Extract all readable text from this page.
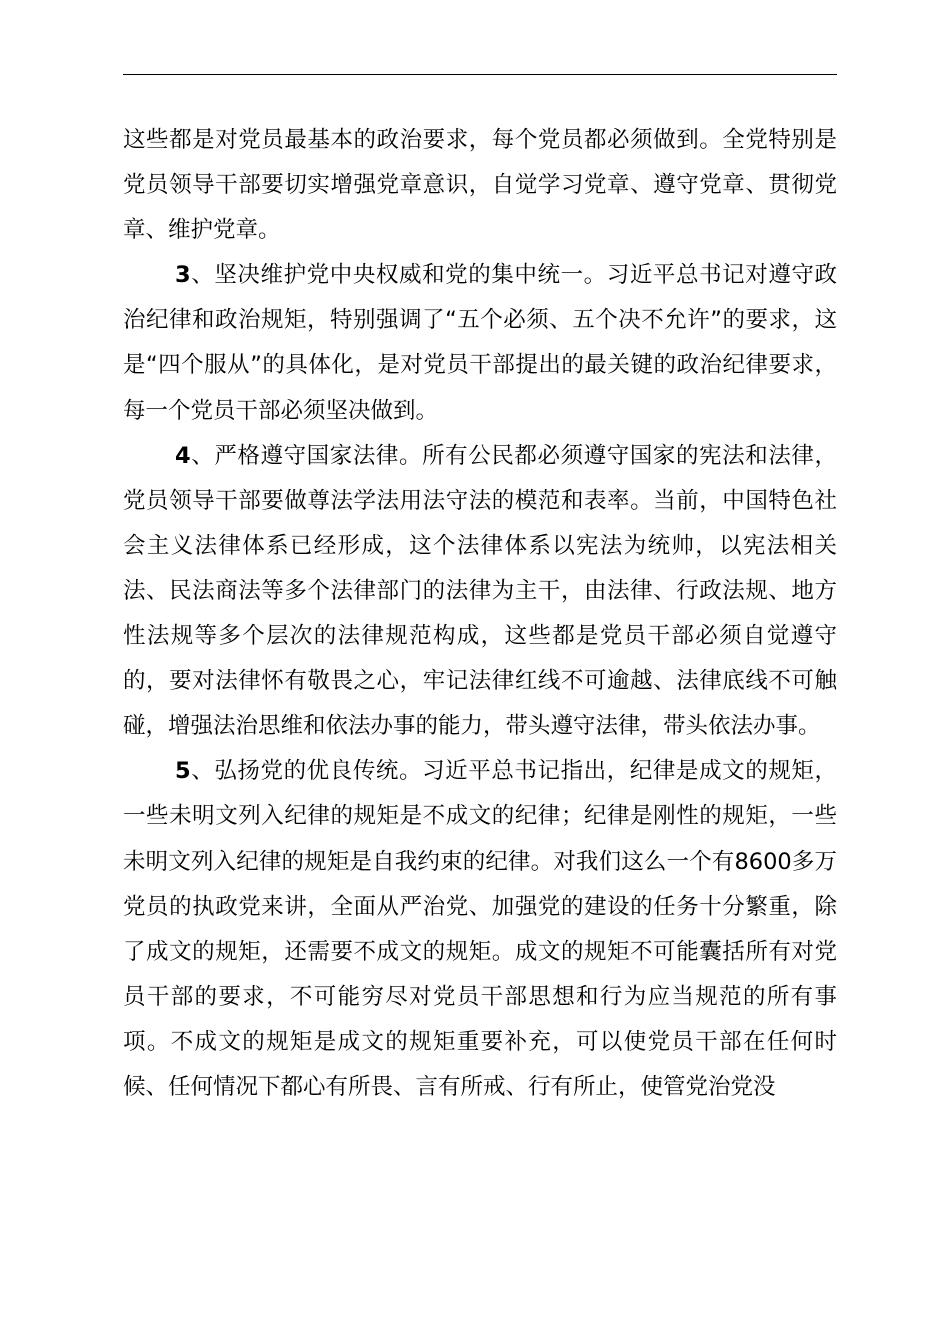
这些都是对党员最基本的政治要求，每个党员都必须做到。全党特别是党员领导干部要切实增强党章意识，自觉学习党章、遵守党章、贯彻党章、维护党章。

3、坚决维护党中央权威和党的集中统一。习近平总书记对遵守政治纪律和政治规矩，特别强调了“五个必须、五个决不允许”的要求，这是“四个服从”的具体化，是对党员干部提出的最关键的政治纪律要求，每一个党员干部必须坚决做到。

4、严格遵守国家法律。所有公民都必须遵守国家的宪法和法律，党员领导干部要做尊法学法用法守法的模范和表率。当前，中国特色社会主义法律体系已经形成，这个法律体系以宪法为统帅，以宪法相关法、民法商法等多个法律部门的法律为主干，由法律、行政法规、地方性法规等多个层次的法律规范构成，这些都是党员干部必须自觉遵守的，要对法律怀有敬畏之心，牢记法律红线不可逾越、法律底线不可触碰，增强法治思维和依法办事的能力，带头遵守法律，带头依法办事。

5、弘扬党的优良传统。习近平总书记指出，纪律是成文的规矩，一些未明文列入纪律的规矩是不成文的纪律；纪律是刚性的规矩，一些未明文列入纪律的规矩是自我约束的纪律。对我们这么一个有8600多万党员的执政党来讲，全面从严治党、加强党的建设的任务十分繁重，除了成文的规矩，还需要不成文的规矩。成文的规矩不可能囊括所有对党员干部的要求，不可能穷尽对党员干部思想和行为应当规范的所有事项。不成文的规矩是成文的规矩重要补充，可以使党员干部在任何时候、任何情况下都心有所畏、言有所戒、行有所止，使管党治党没
